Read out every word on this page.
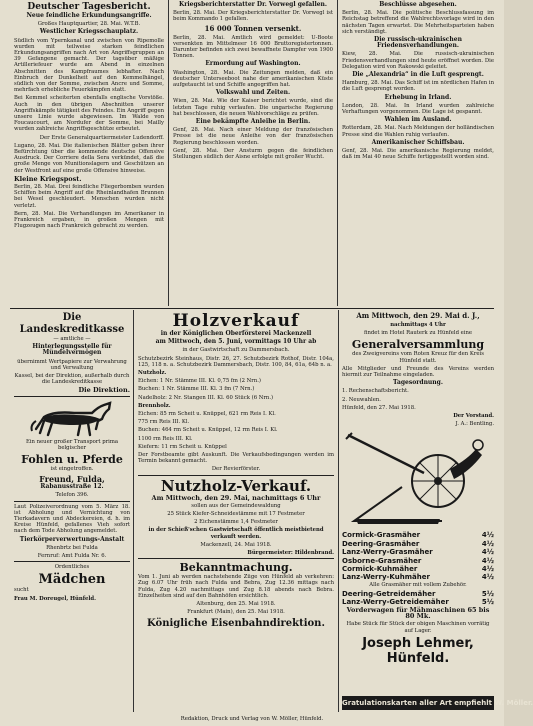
Deutscher Tagesbericht.
Neue feindliche Erkundungsangriffe.
Großes Hauptquartier, 28. Mai. W.T.B.
Westlicher Kriegsschauplatz.
Südlich vom Ypernkanal und zwischen von Ripemolle wurden mit teilweise starken feindlichen Erkundungsangriffen nach Art von Angriffsgruppen an 39 Gefangene gemacht. Der tagsüber mäßige Artilleriefeuer wurde am Abend in einzelnen Abschnitten des Kampfraumes lebhafter. Nach Einbruch der Dunkelheit auf den Kemmelhängel, südlich von der Somme, zwischen Ancre und Somme, mehrfach erhebliche Feuerkämpfen statt.
Bei Kemmel scheiterten ebenfalls englische Vorstöße. Auch in den übrigen Abschnitten unserer Angriffskämpfe tätigkeit des Feindes. Ein Angriff gegen unsere Linie wurde abgewiesen. Im Walde von Foucaucourt, am Nordufer der Somme, bei Mailly wurden zahlreiche Angriffsgeschütze erbeutet.
Der Erste Generalquartiermeister Ludendorff.
Lugano, 28. Mai. Die italienischen Blätter geben ihrer Befürchtung über die kommende deutsche Offensive Ausdruck. Der Corriere della Sera verkündet, daß die große Menge von Munitionslagern und Geschützen an der Westfront auf eine große Offensive hinweise.
Kleine Kriegspost.
Berlin, 28. Mai. Drei feindliche Fliegerbomben wurden Schiffen beim Angriff auf die Rheinlandhafen Brunnen bei Wesel geschleudert. Menschen wurden nicht verletzt.
Bern, 28. Mai. Die Verhandlungen im Amerikaner in Frankreich ergaben, in großen Mengen mit Flugzeugen nach Frankreich gebracht zu werden.
Kriegsberichterstatter Dr. Vorwegl gefallen.
Berlin, 28. Mai. Der Kriegsberichterstatter Dr. Vorwegl ist beim Kommando 1 gefallen.
16 000 Tonnen versenkt.
Berlin, 28. Mai. Amtlich wird gemeldet: U-Boote versenkten im Mittelmeer 16 000 Bruttoregistertonnen. Darunter befinden sich zwei bewaffnete Dampfer von 1900 Tonnen.
Ermordung auf Washington.
Washington, 28. Mai. Die Zeitungen melden, daß ein deutscher Unterseeboot nahe der amerikanischen Küste aufgetaucht ist und Schiffe angegriffen hat.
Volkswahl und Zeiten.
Wien, 28. Mai. Wie der Kaiser berichtet wurde, sind die letzten Tage ruhig verlaufen. Die ungarische Regierung hat beschlossen, die neuen Wahlvorschläge zu prüfen.
Eine bekämpfte Anleihe in Berlin.
Genf, 28. Mai. Nach einer Meldung der französischen Presse ist die neue Anleihe von der französischen Regierung beschlossen worden.
Genf, 28. Mai. Der Ansturm gegen die feindlichen Stellungen südlich der Aisne erfolgte mit großer Wucht.
Beschlüsse abgesehen.
Berlin, 28. Mai. Die politische Beschlussfassung im Reichstag betreffend die Wahlrechtsvorlage wird in den nächsten Tagen erwartet. Die Mehrheitsparteien haben sich verständigt.
Die russisch-ukrainischen Friedensverhandlungen.
Kiew, 28. Mai. Die russisch-ukrainischen Friedensverhandlungen sind heute eröffnet worden. Die Delegation wird von Rakowski geleitet.
Die „Alexandria“ in die Luft gesprengt.
Hamburg, 28. Mai. Das Schiff ist im nördlichen Hafen in die Luft gesprengt worden.
Erhebung in Irland.
London, 28. Mai. In Irland wurden zahlreiche Verhaftungen vorgenommen. Die Lage ist gespannt.
Wahlen im Ausland.
Rotterdam, 28. Mai. Nach Meldungen der holländischen Presse sind die Wahlen ruhig verlaufen.
Amerikanischer Schiffsbau.
Genf, 28. Mai. Die amerikanische Regierung meldet, daß im Mai 40 neue Schiffe fertiggestellt worden sind.
Die Landeskreditkasse
— amtliche —
Hinterlegungsstelle für Mündelvermögen
übernimmt Wertpapiere zur Verwahrung und Verwaltung
Kassel, bei der Direktion, außerhalb durch die Landeskreditkasse
Die Direktion.
Ein neuer großer Transport prima belgischer
Fohlen u. Pferde
ist eingetroffen.
Freund, Fulda,
Rabanusstraße 12.
Telefon 396.
Laut Polizeiverordnung vom 5. März 18. ist Abholung und Vernichtung von Tierkadavern und Abdeckereien, d. h. im Kreise Hünfeld, gefallenes Vieh sofort nach dem Tode Abholung angemeldet.
Tierkörperverwertungs-Anstalt
Rhenbrtz bei Fulda
Fernruf: Amt Fulda Nr. 6.
Ordentliches
Mädchen
sucht
Frau M. Doreugel, Hünfeld.
Holzverkauf
in der Königlichen Oberförsterei Mackenzell
am Mittwoch, den 5. Juni, vormittags 10 Uhr ab
in der Gastwirtschaft zu Dammersbach.
Schutzbezirk Steinhaus, Distr. 26, 27. Schutzbezirk Rothof, Distr. 104a, 125, 118 n. a. Schutzbezirk Dammersbach, Distr. 100, 84, 61a, 64b n. a.
Nutzholz.
Eichen: 1 Nr. Stämme III. Kl. 0,75 fm (2 Nrn.)
Buchen: 1 Nr. Stämme III. Kl. 3 fm (7 Nrn.)
Nadelholz: 2 Nr. Stangen III. Kl. 60 Stück (6 Nrn.)
Brennholz.
Eichen: 85 rm Scheit u. Knüppel, 621 rm Reis I. Kl.
775 rm Reis III. Kl.
Buchen: 464 rm Scheit u. Knüppel, 12 rm Reis I. Kl.
1100 rm Reis III. Kl.
Kiefern: 11 rm Scheit u. Knüppel
Der Forstbeamte gibt Auskunft. Die Verkaufsbedingungen werden im Termin bekannt gemacht.
Der Revierförster.
Nutzholz-Verkauf.
Am Mittwoch, den 29. Mai, nachmittags 6 Uhr
sollen aus der Gemeindewaldung
25 Stück Kiefer-Schneidestämme mit 17 Festmeter
2 Eichenstämme 1,4 Festmeter
in der Schieß'schen Gastwirtschaft öffentlich meistbietend verkauft werden.
Mackenzell, 24. Mai 1918.
Bürgermeister: Hildenbrand.
Bekanntmachung.
Vom 1. Juni ab werden nachstehende Züge von Hünfeld ab verkehren: Zug 6.07 Uhr früh nach Fulda und Bebra, Zug 12.36 mittags nach Fulda, Zug 4.20 nachmittags und Zug 8.18 abends nach Bebra. Einzelheiten sind auf den Bahnhöfen ersichtlich.
Altenburg, den 25. Mai 1918.
Frankfurt (Main), den 25. Mai 1918.
Königliche Eisenbahndirektion.
Am Mittwoch, den 29. Mai d. J.,
nachmittags 4 Uhr
findet im Hotel Rauterk zu Hünfeld eine
Generalversammlung
des Zweigvereins vom Roten Kreuz für den Kreis Hünfeld statt.
Alle Mitglieder und Freunde des Vereins werden hiermit zur Teilnahme eingeladen.
Tagesordnung.
1. Rechenschaftsbericht.
2. Neuwahlen.
Hünfeld, den 27. Mai 1918.
Der Vorstand.
J. A.: Bentling.
Cormick-Grasmäher	4½
Deering-Grasmäher	4½
Lanz-Werry-Grasmäher	4½
Osborne-Grasmäher	4½
Cormick-Kuhmäher	4½
Lanz-Werry-Kuhmäher	4½
Alle Grasmäher mit vollem Zubehör.
Deering-Getreidemäher	5½
Lanz-Werry-Getreidemäher	5½
Vorderwagen für Mähmaschinen 65 bis 80 Mk.
Habe Stück für Stück der obigen Maschinen vorrätig auf Lager.
Joseph Lehmer, Hünfeld.
Gratulationskarten aller Art empfiehlt W. Möller.
Redaktion, Druck und Verlag von W. Möller, Hünfeld.
